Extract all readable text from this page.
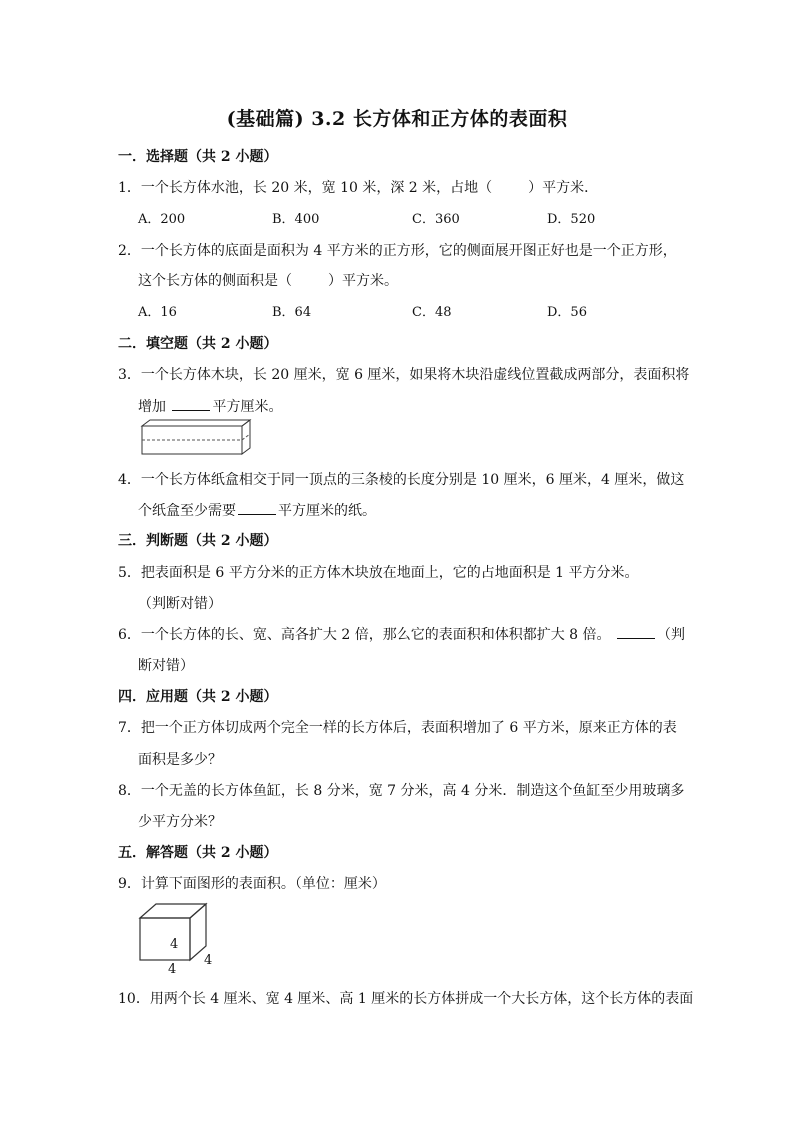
(基础篇) 3.2 长方体和正方体的表面积
一．选择题（共 2 小题）
1．一个长方体水池，长 20 米，宽 10 米，深 2 米，占地（	）平方米．
A．200	B．400	C．360	D．520
2．一个长方体的底面是面积为 4 平方米的正方形，它的侧面展开图正好也是一个正方形，
这个长方体的侧面积是（	）平方米。
A．16	B．64	C．48	D．56
二．填空题（共 2 小题）
3．一个长方体木块，长 20 厘米，宽 6 厘米，如果将木块沿虚线位置截成两部分，表面积将
增加	平方厘米。
4．一个长方体纸盒相交于同一顶点的三条棱的长度分别是 10 厘米，6 厘米，4 厘米，做这
个纸盒至少需要	平方厘米的纸。
三．判断题（共 2 小题）
5．把表面积是 6 平方分米的正方体木块放在地面上，它的占地面积是 1 平方分米。
（判断对错）
6．一个长方体的长、宽、高各扩大 2 倍，那么它的表面积和体积都扩大 8 倍。	（判
断对错）
四．应用题（共 2 小题）
7．把一个正方体切成两个完全一样的长方体后，表面积增加了 6 平方米，原来正方体的表
面积是多少？
8．一个无盖的长方体鱼缸，长 8 分米，宽 7 分米，高 4 分米．制造这个鱼缸至少用玻璃多
少平方分米？
五．解答题（共 2 小题）
9．计算下面图形的表面积。（单位：厘米）
4
4
4
10．用两个长 4 厘米、宽 4 厘米、高 1 厘米的长方体拼成一个大长方体，这个长方体的表面
